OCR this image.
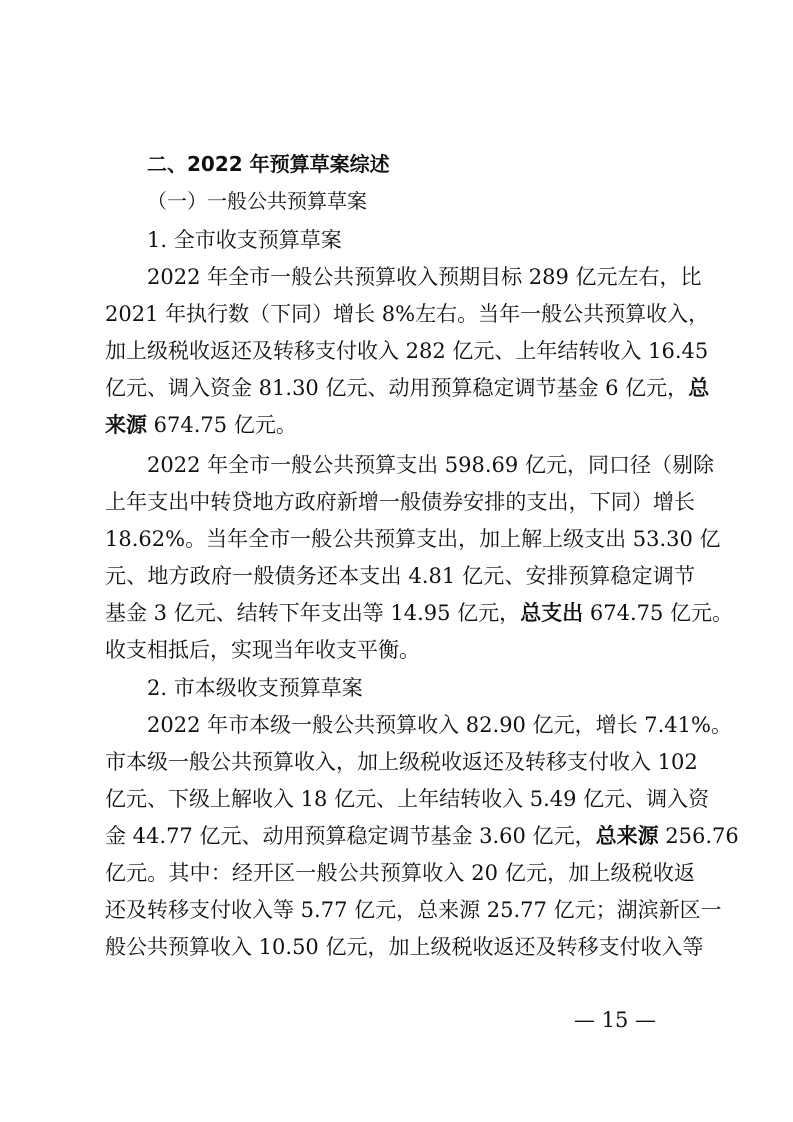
二、2022 年预算草案综述
（一）一般公共预算草案
1. 全市收支预算草案
2022 年全市一般公共预算收入预期目标 289 亿元左右，比
2021 年执行数（下同）增长 8%左右。当年一般公共预算收入，
加上级税收返还及转移支付收入 282 亿元、上年结转收入 16.45
亿元、调入资金 81.30 亿元、动用预算稳定调节基金 6 亿元，总
来源 674.75 亿元。
2022 年全市一般公共预算支出 598.69 亿元，同口径（剔除
上年支出中转贷地方政府新增一般债券安排的支出，下同）增长
18.62%。当年全市一般公共预算支出，加上解上级支出 53.30 亿
元、地方政府一般债务还本支出 4.81 亿元、安排预算稳定调节
基金 3 亿元、结转下年支出等 14.95 亿元，总支出 674.75 亿元。
收支相抵后，实现当年收支平衡。
2. 市本级收支预算草案
2022 年市本级一般公共预算收入 82.90 亿元，增长 7.41%。
市本级一般公共预算收入，加上级税收返还及转移支付收入 102
亿元、下级上解收入 18 亿元、上年结转收入 5.49 亿元、调入资
金 44.77 亿元、动用预算稳定调节基金 3.60 亿元，总来源 256.76
亿元。其中：经开区一般公共预算收入 20 亿元，加上级税收返
还及转移支付收入等 5.77 亿元，总来源 25.77 亿元；湖滨新区一
般公共预算收入 10.50 亿元，加上级税收返还及转移支付收入等
— 15 —
